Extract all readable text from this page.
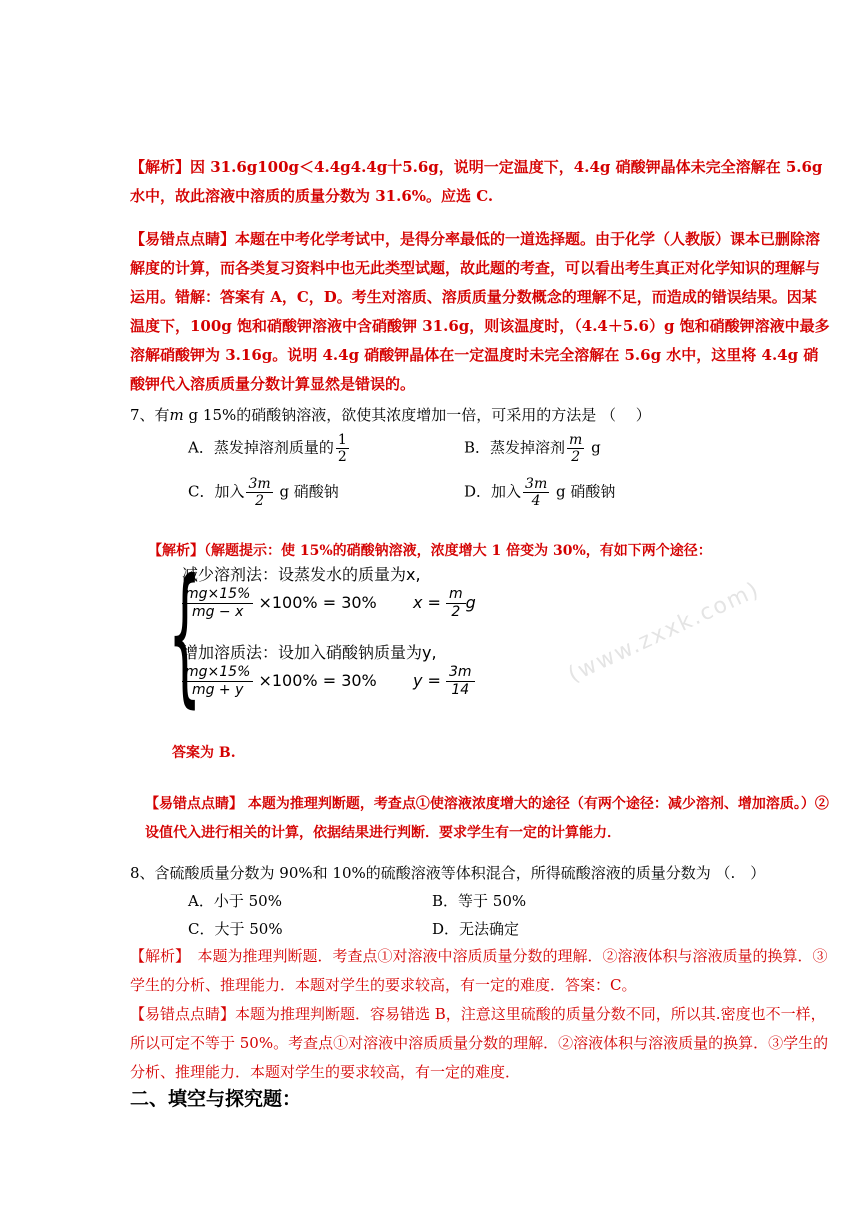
(www.zxxk.com)
【解析】因 31.6g100g＜4.4g4.4g十5.6g，说明一定温度下，4.4g 硝酸钾晶体未完全溶解在 5.6g 水中，故此溶液中溶质的质量分数为 31.6%。应选 C.
【易错点点睛】本题在中考化学考试中，是得分率最低的一道选择题。由于化学（人教版）课本已删除溶解度的计算，而各类复习资料中也无此类型试题，故此题的考查，可以看出考生真正对化学知识的理解与运用。错解：答案有 A，C，D。考生对溶质、溶质质量分数概念的理解不足，而造成的错误结果。因某温度下，100g 饱和硝酸钾溶液中含硝酸钾 31.6g，则该温度时，（4.4＋5.6）g 饱和硝酸钾溶液中最多溶解硝酸钾为 3.16g。说明 4.4g 硝酸钾晶体在一定温度时未完全溶解在 5.6g 水中，这里将 4.4g 硝酸钾代入溶质质量分数计算显然是错误的。
7、有m g 15%的硝酸钠溶液，欲使其浓度增加一倍，可采用的方法是 （　 ）
A．蒸发掉溶剂质量的 $\frac{1}{2}$	B．蒸发掉溶剂 $\frac{m}{2}$ g
C．加入 $\frac{3m}{2}$ g 硝酸钠	D．加入 $\frac{3m}{4}$ g 硝酸钠
【解析】（解题提示：使 15%的硝酸钠溶液，浓度增大 1 倍变为 30%，有如下两个途径：
{
减少溶剂法：设蒸发水的质量为x,
$\frac{mg\times 15\%}{mg - x} \times 100\% = 30\%$ $x = \frac{m}{2}$ g
增加溶质法：设加入硝酸钠质量为y,
$\frac{mg\times 15\%}{mg + y} \times 100\% = 30\%$ $y = \frac{3m}{14}$
答案为 B.
【易错点点睛】 本题为推理判断题，考查点①使溶液浓度增大的途径（有两个途径：减少溶剂、增加溶质。）②设值代入进行相关的计算，依据结果进行判断．要求学生有一定的计算能力．
8、含硫酸质量分数为 90%和 10%的硫酸溶液等体积混合，所得硫酸溶液的质量分数为 （.　）
A．小于 50%	B．等于 50%
C．大于 50%	D．无法确定
【解析】　本题为推理判断题．考查点①对溶液中溶质质量分数的理解．②溶液体积与溶液质量的换算．③学生的分析、推理能力．本题对学生的要求较高，有一定的难度．答案：C。
【易错点点睛】本题为推理判断题．容易错选 B，注意这里硫酸的质量分数不同，所以其.密度也不一样，所以可定不等于 50%。考查点①对溶液中溶质质量分数的理解．②溶液体积与溶液质量的换算．③学生的分析、推理能力．本题对学生的要求较高，有一定的难度．
二、填空与探究题：
